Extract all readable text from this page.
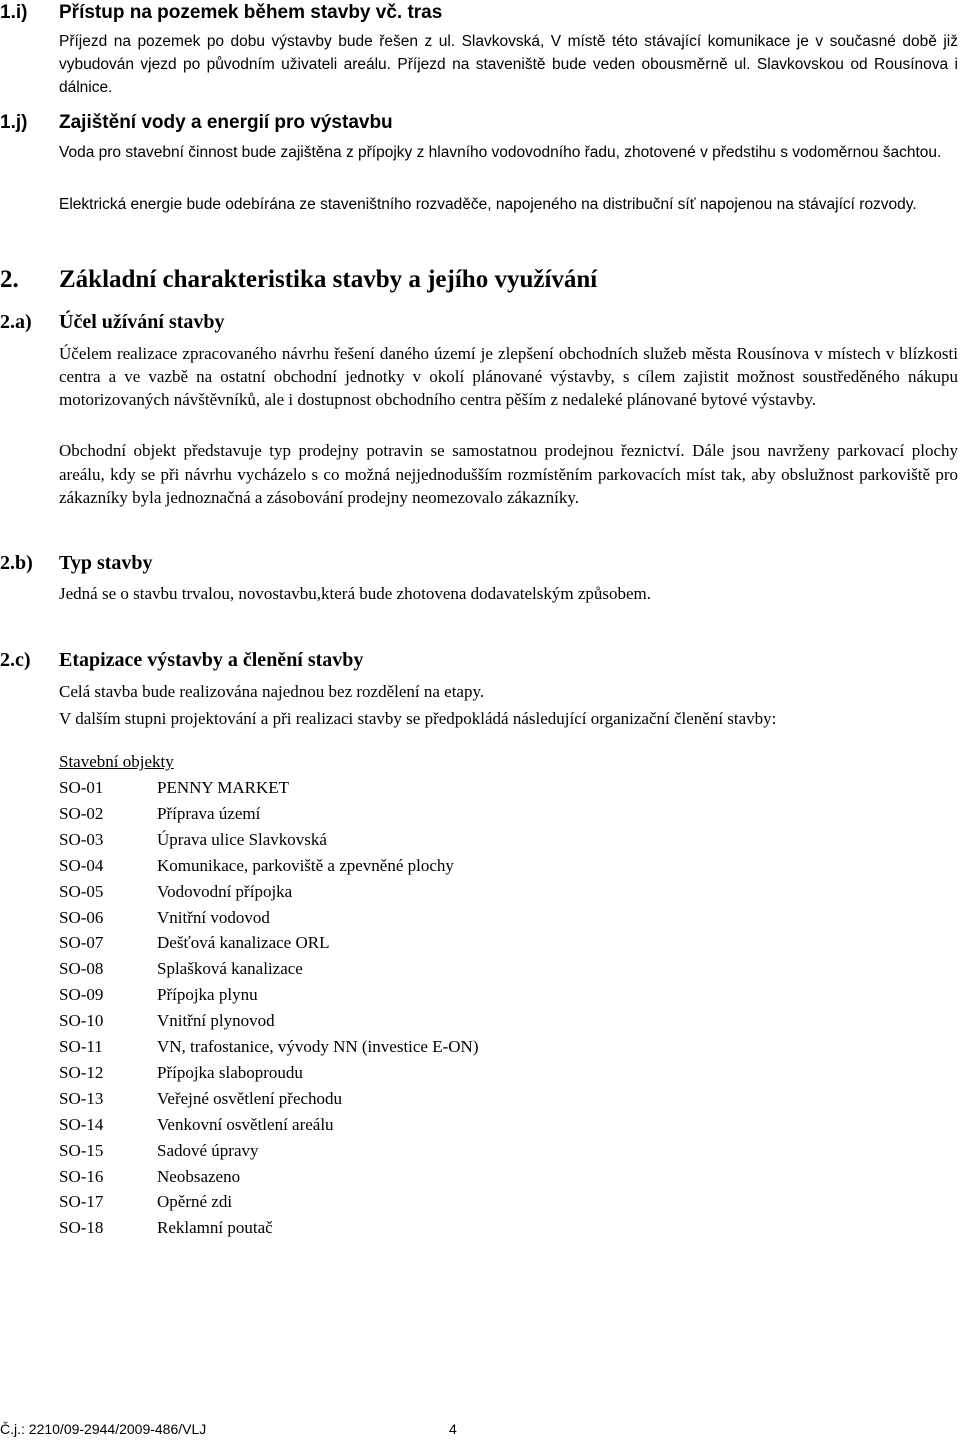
1.i) Přístup na pozemek během stavby vč. tras
Příjezd na pozemek po dobu výstavby bude řešen z ul. Slavkovská, V místě této stávající komunikace je v současné době již vybudován vjezd po původním uživateli areálu. Příjezd na staveniště bude veden obousměrně ul. Slavkovskou od Rousínova i dálnice.
1.j) Zajištění vody a energií pro výstavbu
Voda pro stavební činnost bude zajištěna z přípojky z hlavního vodovodního řadu, zhotovené v předstihu s vodoměrnou šachtou.
Elektrická energie bude odebírána ze staveništního rozvaděče, napojeného na distribuční síť napojenou na stávající rozvody.
2. Základní charakteristika stavby a jejího využívání
2.a) Účel užívání stavby
Účelem realizace zpracovaného návrhu řešení daného území je zlepšení obchodních služeb města Rousínova v místech v blízkosti centra a ve vazbě na ostatní obchodní jednotky v okolí plánované výstavby, s cílem zajistit možnost soustředěného nákupu motorizovaných návštěvníků, ale i dostupnost obchodního centra pěším z nedaleké plánované bytové výstavby.
Obchodní objekt představuje typ prodejny potravin se samostatnou prodejnou řeznictví. Dále jsou navrženy parkovací plochy areálu, kdy se při návrhu vycházelo s co možná nejjednodušším rozmístěním parkovacích míst tak, aby obslužnost parkoviště pro zákazníky byla jednoznačná a zásobování prodejny neomezovalo zákazníky.
2.b) Typ stavby
Jedná se o stavbu trvalou, novostavbu,která bude zhotovena dodavatelským způsobem.
2.c) Etapizace výstavby a členění stavby
Celá stavba bude realizována najednou bez rozdělení na etapy.
V dalším stupni projektování a při realizaci stavby se předpokládá následující organizační členění stavby:
Stavební objekty
SO-01	PENNY MARKET
SO-02	Příprava území
SO-03	Úprava ulice Slavkovská
SO-04	Komunikace, parkoviště a zpevněné plochy
SO-05	Vodovodní přípojka
SO-06	Vnitřní vodovod
SO-07	Dešťová kanalizace ORL
SO-08	Splašková kanalizace
SO-09	Přípojka plynu
SO-10	Vnitřní plynovod
SO-11	VN, trafostanice, vývody NN (investice E-ON)
SO-12	Přípojka slaboproudu
SO-13	Veřejné osvětlení přechodu
SO-14	Venkovní osvětlení areálu
SO-15	Sadové úpravy
SO-16	Neobsazeno
SO-17	Opěrné zdi
SO-18	Reklamní poutač
Č.j.: 2210/09-2944/2009-486/VLJ	4
